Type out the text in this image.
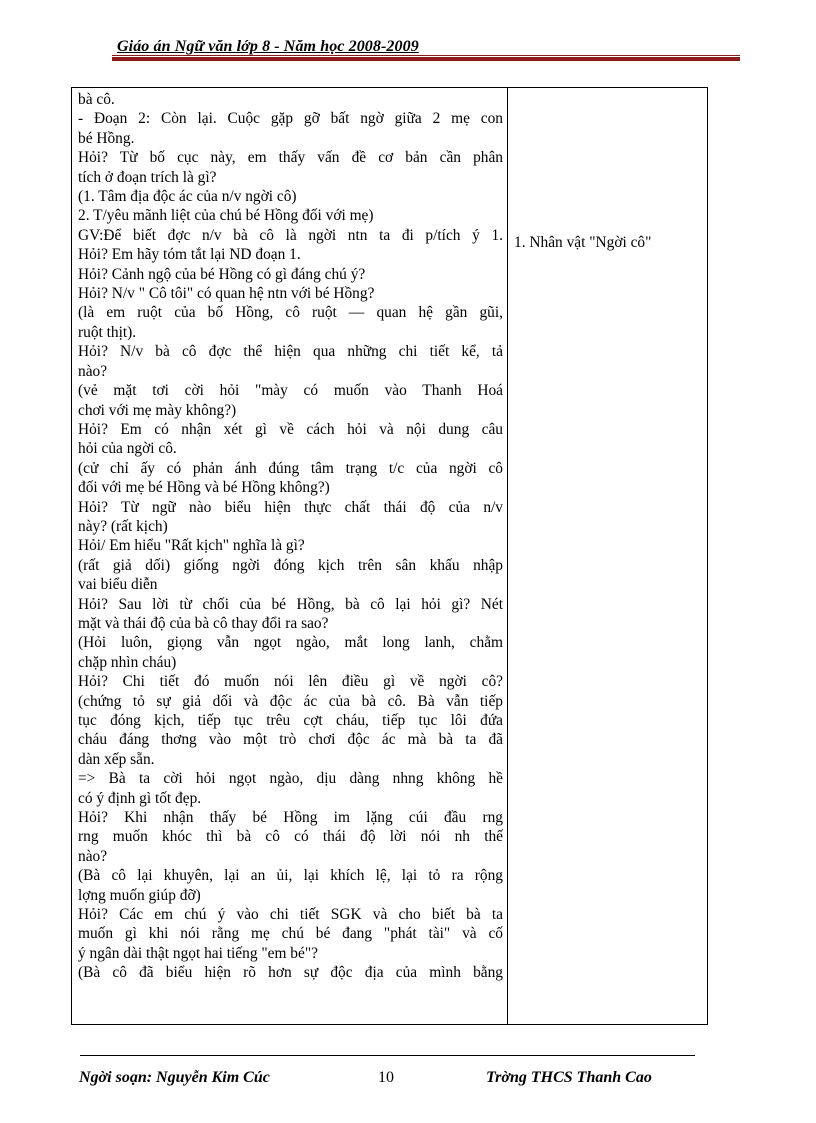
Giáo án Ngữ văn lớp 8 - Năm học 2008-2009
bà cô.
- Đoạn 2: Còn lại. Cuộc gặp gỡ bất ngờ giữa 2 mẹ con
bé Hồng.
Hỏi? Từ bố cục này, em thấy vấn đề cơ bản cần phân
tích ở đoạn trích là gì?
(1. Tâm địa độc ác của n/v ngời cô)
2. T/yêu mãnh liệt của chú bé Hồng đối với mẹ)
GV:Để biết đợc n/v bà cô là ngời ntn ta đi p/tích ý 1.
Hỏi? Em hãy tóm tắt lại ND đoạn 1.
Hỏi? Cảnh ngộ của bé Hồng có gì đáng chú ý?
Hỏi? N/v " Cô tôi" có quan hệ ntn với bé Hồng?
(là em ruột của bố Hồng, cô ruột — quan hệ gần gũi,
ruột thịt).
Hỏi? N/v bà cô đợc thể hiện qua những chi tiết kể, tả
nào?
(vẻ mặt tơi cời hỏi "mày có muốn vào Thanh Hoá
chơi với mẹ mày không?)
Hỏi? Em có nhận xét gì về cách hỏi và nội dung câu
hỏi của ngời cô.
(cử chỉ ấy có phản ánh đúng tâm trạng t/c của ngời cô
đối với mẹ bé Hồng và bé Hồng không?)
Hỏi? Từ ngữ nào biểu hiện thực chất thái độ của n/v
này? (rất kịch)
Hỏi/ Em hiểu "Rất kịch" nghĩa là gì?
(rất giả dối) giống ngời đóng kịch trên sân khấu nhập
vai biểu diễn
Hỏi? Sau lời từ chối của bé Hồng, bà cô lại hỏi gì? Nét
mặt và thái độ của bà cô thay đổi ra sao?
(Hỏi luôn, giọng vẫn ngọt ngào, mắt long lanh, chằm
chặp nhìn cháu)
Hỏi? Chi tiết đó muốn nói lên điều gì về ngời cô?
(chứng tỏ sự giả dối và độc ác của bà cô. Bà vẫn tiếp
tục đóng kịch, tiếp tục trêu cợt cháu, tiếp tục lôi đứa
cháu đáng thơng vào một trò chơi độc ác mà bà ta đã
dàn xếp sẵn.
=> Bà ta cời hỏi ngọt ngào, dịu dàng nhng không hề
có ý định gì tốt đẹp.
Hỏi? Khi nhận thấy bé Hồng im lặng cúi đầu rng
rng muốn khóc thì bà cô có thái độ lời nói nh thế
nào?
(Bà cô lại khuyên, lại an ủi, lại khích lệ, lại tỏ ra rộng
lợng muốn giúp đỡ)
Hỏi? Các em chú ý vào chi tiết SGK và cho biết bà ta
muốn gì khi nói rằng mẹ chú bé đang "phát tài" và cố
ý ngân dài thật ngọt hai tiếng "em bé"?
(Bà cô đã biểu hiện rõ hơn sự độc địa của mình bằng

1. Nhân vật "Ngời cô"
Ngời soạn: Nguyễn Kim Cúc	10	Trờng THCS Thanh Cao
